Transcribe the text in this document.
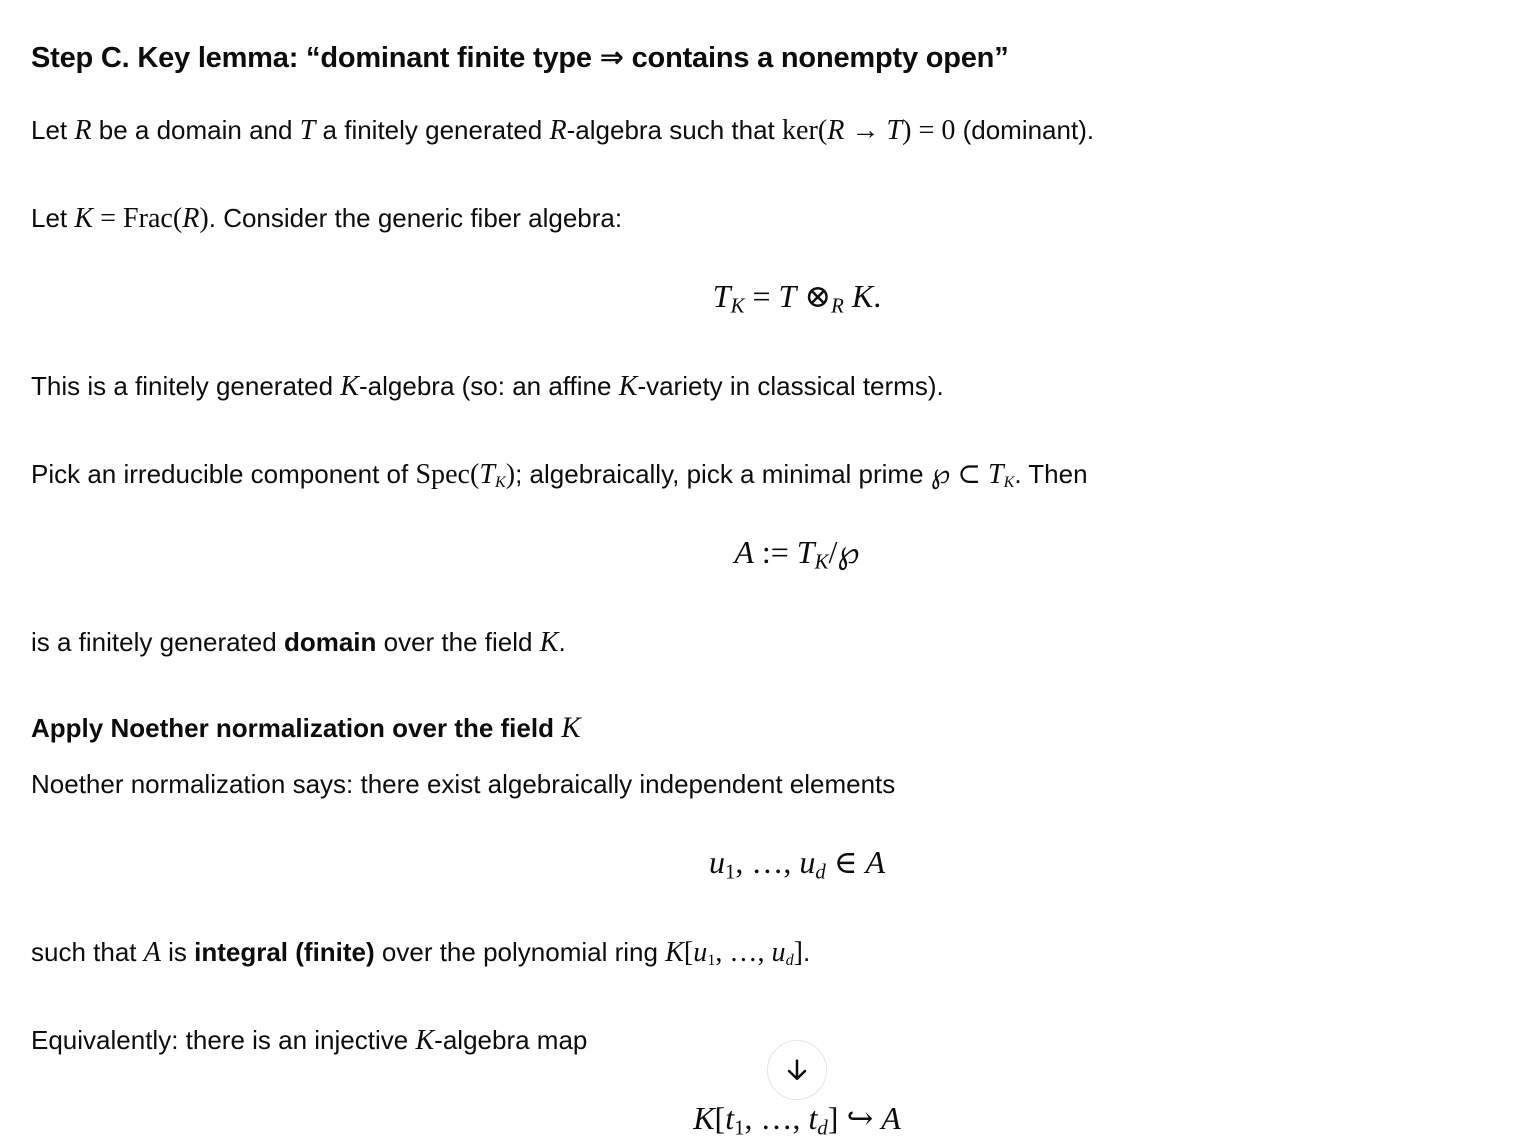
Step C. Key lemma: “dominant finite type ⇒ contains a nonempty open”

Let R be a domain and T a finitely generated R-algebra such that ker(R → T) = 0 (dominant).

Let K = Frac(R). Consider the generic fiber algebra:

$T_K = T$ $\otimes_R$ K.

This is a finitely generated K-algebra (so: an affine K-variety in classical terms).

Pick an irreducible component of $Spec(T_K)$; algebraically, pick a minimal prime ℘ ⊂ $T_K$. Then

A := $T_K/℘$

is a finitely generated domain over the field K.

Apply Noether normalization over the field K

Noether normalization says: there exist algebraically independent elements

$u_1$, …, $u_d$ ∈ A

such that A is integral (finite) over the polynomial ring $K[u_1$, …, $u_d$].

Equivalently: there is an injective K-algebra map

$K[t_1$, …, $t_d$] ↪ A
